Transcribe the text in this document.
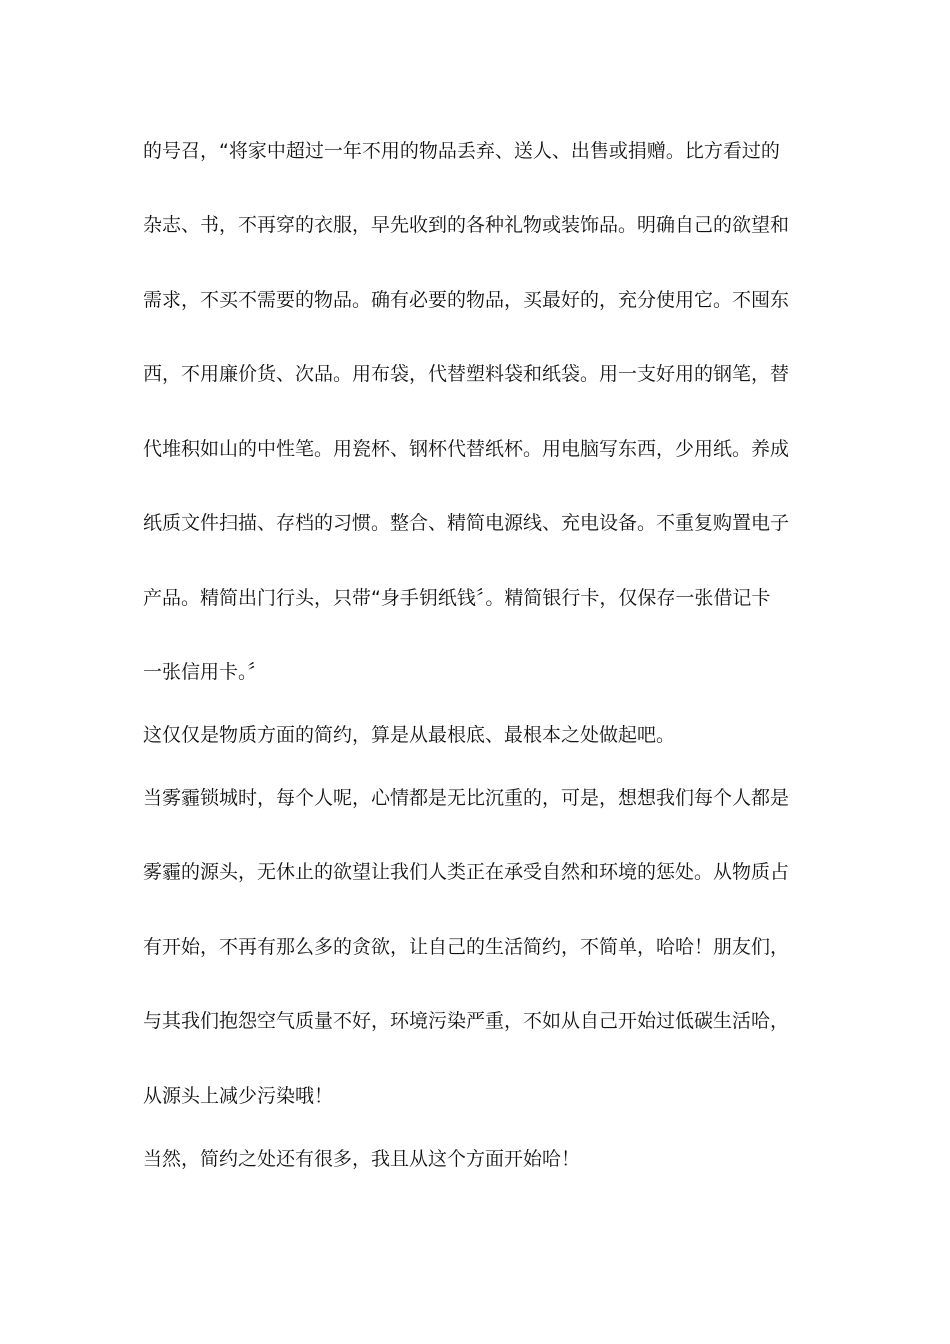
的号召，“将家中超过一年不用的物品丢弃、送人、出售或捐赠。比方看过的
杂志、书，不再穿的衣服，早先收到的各种礼物或装饰品。明确自己的欲望和
需求，不买不需要的物品。确有必要的物品，买最好的，充分使用它。不囤东
西，不用廉价货、次品。用布袋，代替塑料袋和纸袋。用一支好用的钢笔，替
代堆积如山的中性笔。用瓷杯、钢杯代替纸杯。用电脑写东西，少用纸。养成
纸质文件扫描、存档的习惯。整合、精简电源线、充电设备。不重复购置电子
产品。精简出门行头，只带“身手钥纸钱〞。精简银行卡，仅保存一张借记卡
一张信用卡。〞
这仅仅是物质方面的简约，算是从最根底、最根本之处做起吧。
当雾霾锁城时，每个人呢，心情都是无比沉重的，可是，想想我们每个人都是
雾霾的源头，无休止的欲望让我们人类正在承受自然和环境的惩处。从物质占
有开始，不再有那么多的贪欲，让自己的生活简约，不简单，哈哈！朋友们，
与其我们抱怨空气质量不好，环境污染严重，不如从自己开始过低碳生活哈，
从源头上减少污染哦！
当然，简约之处还有很多，我且从这个方面开始哈！
